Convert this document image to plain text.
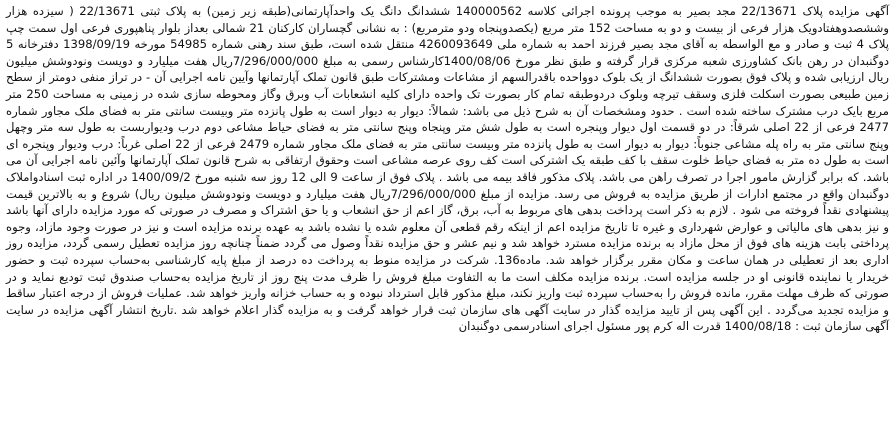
آگهی مزایده پلاک 22/13671 مجد بصیر به موجب پرونده اجرائی کلاسه 140000562 ششدانگ دانگ یک واحدآپارتمانی(طبقه زیر زمین) به پلاک ثبتی 22/13671 ( سیزده هزار وششصدوهفتادویک هزار فرعی از بیست و دو به مساحت 152 متر مربع (یکصدوپنجاه ودو مترمربع) : به نشانی گچساران کارکنان 21 شمالی بعداز بلوار پناهپوری فرعی اول سمت چپ پلاک 4 ثبت و صادر و مع الواسطه به آقای مجد بصیر فرزند احمد به شماره ملی 4260093649 منتقل شده است، طبق سند رهنی شماره 54985 مورخه 1398/09/19 دفترخانه 5 دوگنبدان در رهن بانک کشاورزی شعبه مرکزی قرار گرفته و طبق نظر مورخ 1400/08/06کارشناس رسمی به مبلغ 7/296/000/000ریال هفت میلیارد و دویست ونودوشش میلیون ریال ارزیابی شده و پلاک فوق بصورت ششدانگ از یک بلوک دوواحده باقدرالسهم از مشاعات ومشترکات طبق قانون تملک آپارتمانها وآیین نامه اجرایی آن - در تراز منفی دومتر از سطح زمین طبیعی بصورت اسکلت فلزی وسقف تیرچه وبلوک دردوطبقه تمام کار بصورت تک واحده دارای کلیه انشعابات آب وبرق وگاز ومحوطه سازی شده در زمینی به مساحت 250 متر مربع بایک درب مشترک ساخته شده است . حدود ومشخصات آن به شرح ذیل می باشد: شمالاً: دیوار به دیوار است به طول پانزده متر وبیست سانتی متر به فضای ملک مجاور شماره 2477 فرعی از 22 اصلی شرقاً: در دو قسمت اول دیوار وپنجره است به طول شش متر وپنجاه وپنج سانتی متر به فضای حیاط مشاعی دوم درب ودیواربست به طول سه متر وچهل وپنج سانتی متر به راه پله مشاعی جنوباً: دیوار به دیوار است به طول پانزده متر وبیست سانتی متر به فضای ملک مجاور شماره 2479 فرعی از 22 اصلی غرباً: درب ودیوار وپنجره ای است به طول ده متر به فضای حیاط خلوت سقف با کف طبقه یک اشترکی است کف روی عرصه مشاعی است وحقوق ارتفاقی به شرح قانون تملک آپارتمانها وآئین نامه اجرایی آن می باشد. که برابر گزارش مامور اجرا در تصرف راهن می باشد. پلاک مذکور فاقد بیمه می باشد . پلاک فوق از ساعت 9 الی 12 روز سه شنبه مورخ 1400/09/2 در اداره ثبت اسنادواملاک دوگنبدان واقع در مجتمع ادارات از طریق مزایده به فروش می رسد. مزایده از مبلغ 7/296/000/000ریال هفت میلیارد و دویست ونودوشش میلیون ریال) شروع و به بالاترین قیمت پیشنهادی نقداً فروخته می شود . لازم به ذکر است پرداخت بدهی های مربوط به آب، برق، گاز اعم از حق انشعاب و یا حق اشتراک و مصرف در صورتی که مورد مزایده دارای آنها باشد و نیز بدهی های مالیاتی و عوارض شهرداری و غیره تا تاریخ مزایده اعم از اینکه رقم قطعی آن معلوم شده یا نشده باشد به عهده برنده مزایده است و نیز در صورت وجود مازاد، وجوه پرداختی بابت هزینه های فوق از محل مازاد به برنده مزایده مسترد خواهد شد و نیم عشر و حق مزایده نقداً وصول می گردد ضمناً چنانچه روز مزایده تعطیل رسمی گردد، مزایده روز اداری بعد از تعطیلی در همان ساعت و مکان مقرر برگزار خواهد شد. ماده136. شرکت در مزایده منوط به پرداخت ده درصد از مبلغ پایه کارشناسی به‌حساب سپرده ثبت و حضور خریدار یا نماینده قانونی او در جلسه مزایده است. برنده مزایده مکلف است ما به التفاوت مبلغ فروش را ظرف مدت پنج روز از تاریخ مزایده به‌حساب صندوق ثبت تودیع نماید و در صورتی که ظرف مهلت مقرر، مانده فروش را به‌حساب سپرده ثبت واریز نکند، مبلغ مذکور قابل استرداد نبوده و به حساب خزانه واریز خواهد شد. عملیات فروش از درجه اعتبار ساقط و مزایده تجدید می‌گردد . این آگهی پس از تایید مزایده گذار در سایت آگهی های سازمان ثبت قرار خواهد گرفت و به مزایده گذار اعلام خواهد شد .تاریخ انتشار آگهی مزایده در سایت آگهی سازمان ثبت : 1400/08/18 قدرت اله کرم پور مسئول اجرای اسنادرسمی دوگنبدان
